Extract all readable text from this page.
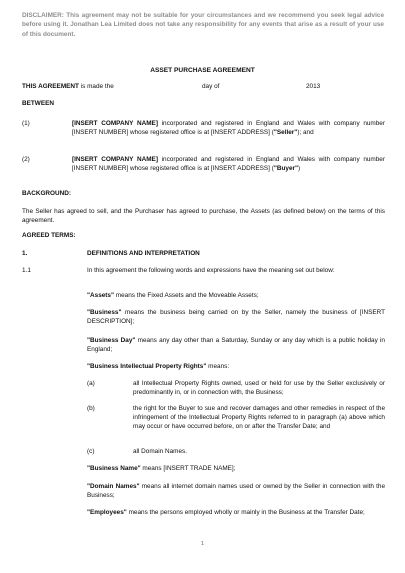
DISCLAIMER: This agreement may not be suitable for your circumstances and we recommend you seek legal advice before using it. Jonathan Lea Limited does not take any responsibility for any events that arise as a result of your use of this document.
ASSET PURCHASE AGREEMENT
THIS AGREEMENT is made the	day of	2013
BETWEEN
(1)	[INSERT COMPANY NAME] incorporated and registered in England and Wales with company number [INSERT NUMBER] whose registered office is at [INSERT ADDRESS] ("Seller"); and
(2)	[INSERT COMPANY NAME] incorporated and registered in England and Wales with company number [INSERT NUMBER] whose registered office is at [INSERT ADDRESS] ("Buyer")
BACKGROUND:
The Seller has agreed to sell, and the Purchaser has agreed to purchase, the Assets (as defined below) on the terms of this agreement.
AGREED TERMS:
1.	DEFINITIONS AND INTERPRETATION
1.1	In this agreement the following words and expressions have the meaning set out below:
"Assets" means the Fixed Assets and the Moveable Assets;
"Business" means the business being carried on by the Seller, namely the business of [INSERT DESCRIPTION];
"Business Day" means any day other than a Saturday, Sunday or any day which is a public holiday in England;
"Business Intellectual Property Rights" means:
(a)	all Intellectual Property Rights owned, used or held for use by the Seller exclusively or predominantly in, or in connection with, the Business;
(b)	the right for the Buyer to sue and recover damages and other remedies in respect of the infringement of the Intellectual Property Rights referred to in paragraph (a) above which may occur or have occurred before, on or after the Transfer Date; and
(c)	all Domain Names.
"Business Name" means [INSERT TRADE NAME];
"Domain Names" means all internet domain names used or owned by the Seller in connection with the Business;
"Employees" means the persons employed wholly or mainly in the Business at the Transfer Date;
1
